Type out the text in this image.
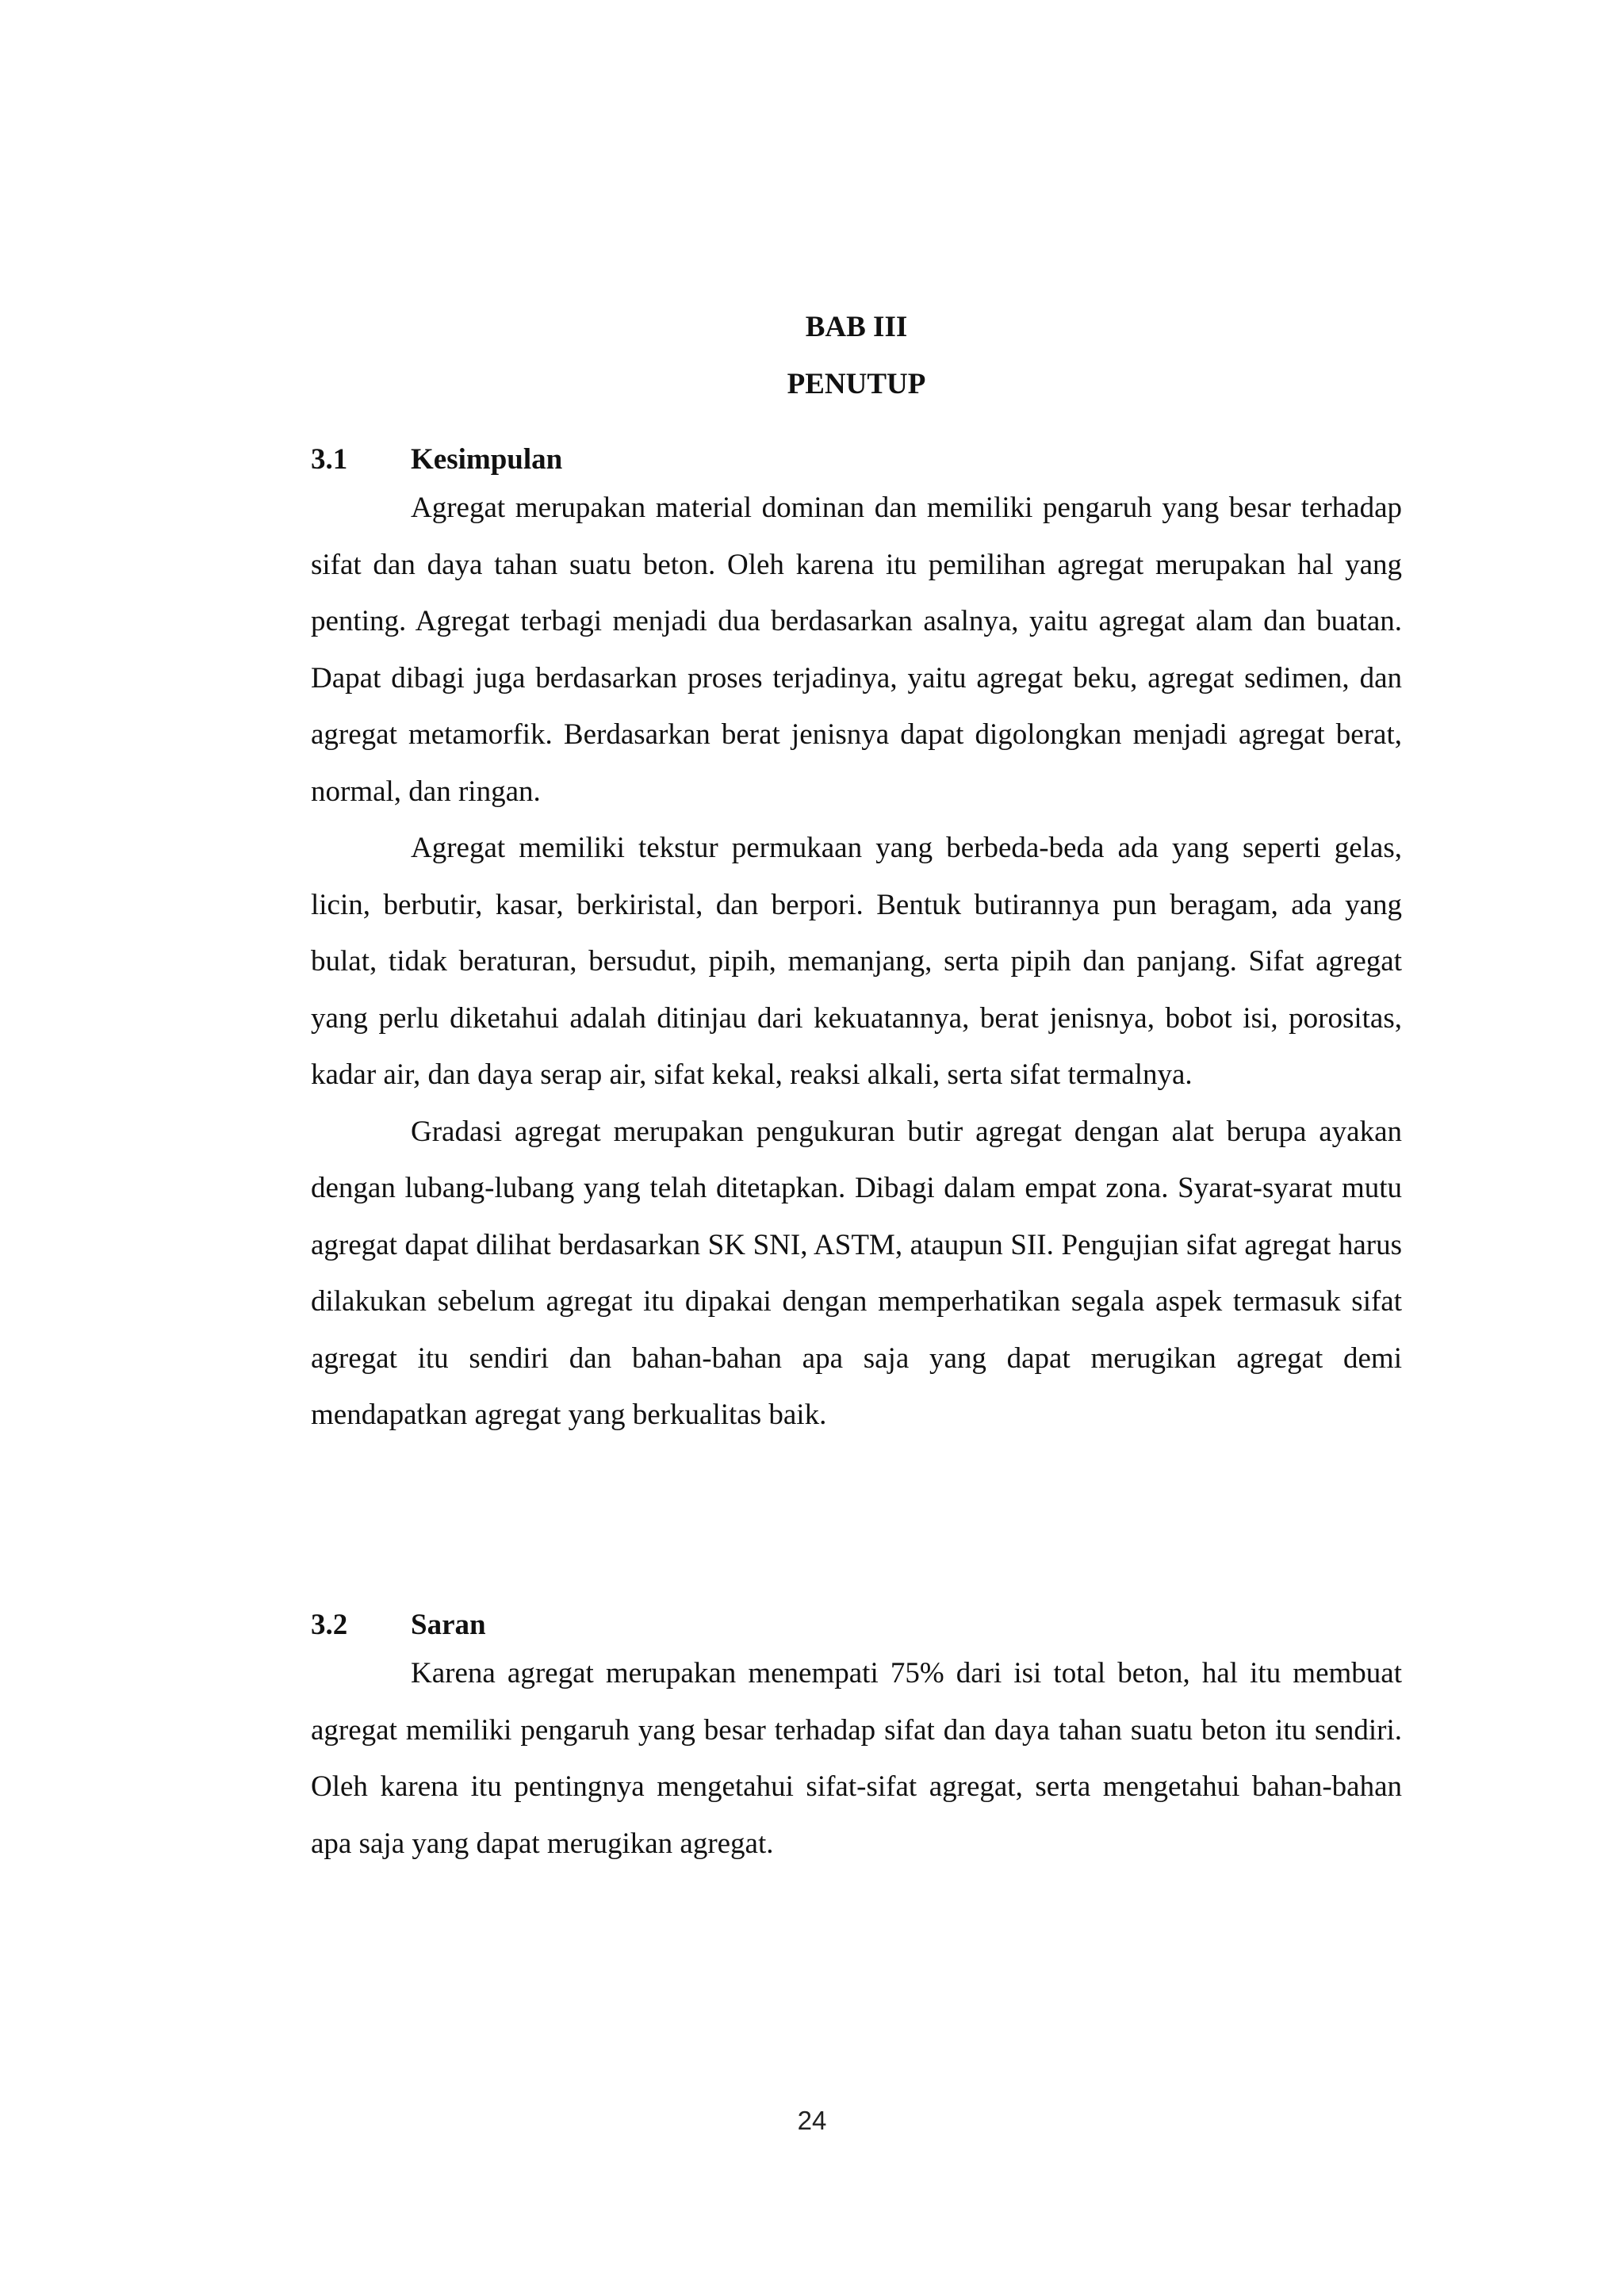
BAB III
PENUTUP
3.1 Kesimpulan

Agregat merupakan material dominan dan memiliki pengaruh yang besar terhadap sifat dan daya tahan suatu beton. Oleh karena itu pemilihan agregat merupakan hal yang penting. Agregat terbagi menjadi dua berdasarkan asalnya, yaitu agregat alam dan buatan. Dapat dibagi juga berdasarkan proses terjadinya, yaitu agregat beku, agregat sedimen, dan agregat metamorfik. Berdasarkan berat jenisnya dapat digolongkan menjadi agregat berat, normal, dan ringan.

Agregat memiliki tekstur permukaan yang berbeda-beda ada yang seperti gelas, licin, berbutir, kasar, berkiristal, dan berpori. Bentuk butirannya pun beragam, ada yang bulat, tidak beraturan, bersudut, pipih, memanjang, serta pipih dan panjang. Sifat agregat yang perlu diketahui adalah ditinjau dari kekuatannya, berat jenisnya, bobot isi, porositas, kadar air, dan daya serap air, sifat kekal, reaksi alkali, serta sifat termalnya.

Gradasi agregat merupakan pengukuran butir agregat dengan alat berupa ayakan dengan lubang-lubang yang telah ditetapkan. Dibagi dalam empat zona. Syarat-syarat mutu agregat dapat dilihat berdasarkan SK SNI, ASTM, ataupun SII. Pengujian sifat agregat harus dilakukan sebelum agregat itu dipakai dengan memperhatikan segala aspek termasuk sifat agregat itu sendiri dan bahan-bahan apa saja yang dapat merugikan agregat demi mendapatkan agregat yang berkualitas baik.

3.2 Saran

Karena agregat merupakan menempati 75% dari isi total beton, hal itu membuat agregat memiliki pengaruh yang besar terhadap sifat dan daya tahan suatu beton itu sendiri. Oleh karena itu pentingnya mengetahui sifat-sifat agregat, serta mengetahui bahan-bahan apa saja yang dapat merugikan agregat.

24
